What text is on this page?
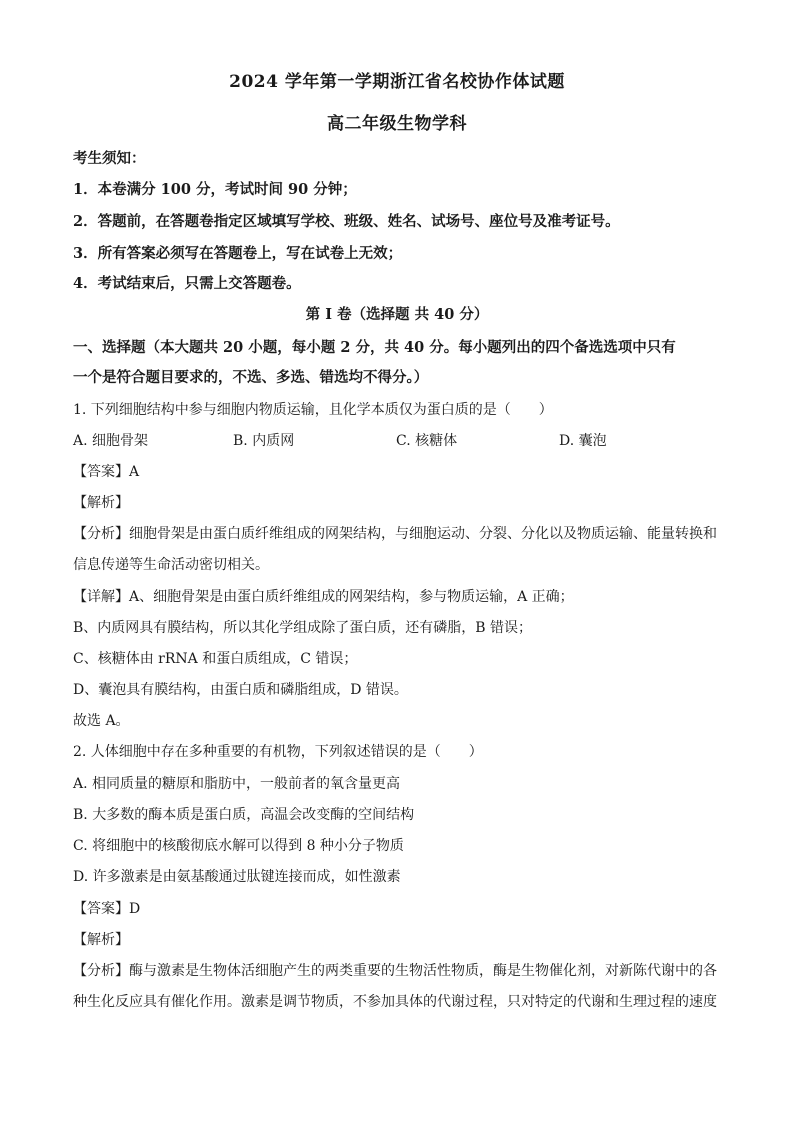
2024 学年第一学期浙江省名校协作体试题
高二年级生物学科
考生须知：
1．本卷满分 100 分，考试时间 90 分钟；
2．答题前，在答题卷指定区域填写学校、班级、姓名、试场号、座位号及准考证号。
3．所有答案必须写在答题卷上，写在试卷上无效；
4．考试结束后，只需上交答题卷。
第 I 卷（选择题 共 40 分）
一、选择题（本大题共 20 小题，每小题 2 分，共 40 分。每小题列出的四个备选选项中只有
一个是符合题目要求的，不选、多选、错选均不得分。）
1. 下列细胞结构中参与细胞内物质运输，且化学本质仅为蛋白质的是（　　）
A. 细胞骨架	B. 内质网	C. 核糖体	D. 囊泡
【答案】A
【解析】
【分析】细胞骨架是由蛋白质纤维组成的网架结构，与细胞运动、分裂、分化以及物质运输、能量转换和
信息传递等生命活动密切相关。
【详解】A、细胞骨架是由蛋白质纤维组成的网架结构，参与物质运输，A 正确；
B、内质网具有膜结构，所以其化学组成除了蛋白质，还有磷脂，B 错误；
C、核糖体由 rRNA 和蛋白质组成，C 错误；
D、囊泡具有膜结构，由蛋白质和磷脂组成，D 错误。
故选 A。
2. 人体细胞中存在多种重要的有机物，下列叙述错误的是（　　）
A. 相同质量的糖原和脂肪中，一般前者的氧含量更高
B. 大多数的酶本质是蛋白质，高温会改变酶的空间结构
C. 将细胞中的核酸彻底水解可以得到 8 种小分子物质
D. 许多激素是由氨基酸通过肽键连接而成，如性激素
【答案】D
【解析】
【分析】酶与激素是生物体活细胞产生的两类重要的生物活性物质，酶是生物催化剂，对新陈代谢中的各
种生化反应具有催化作用。激素是调节物质，不参加具体的代谢过程，只对特定的代谢和生理过程的速度
